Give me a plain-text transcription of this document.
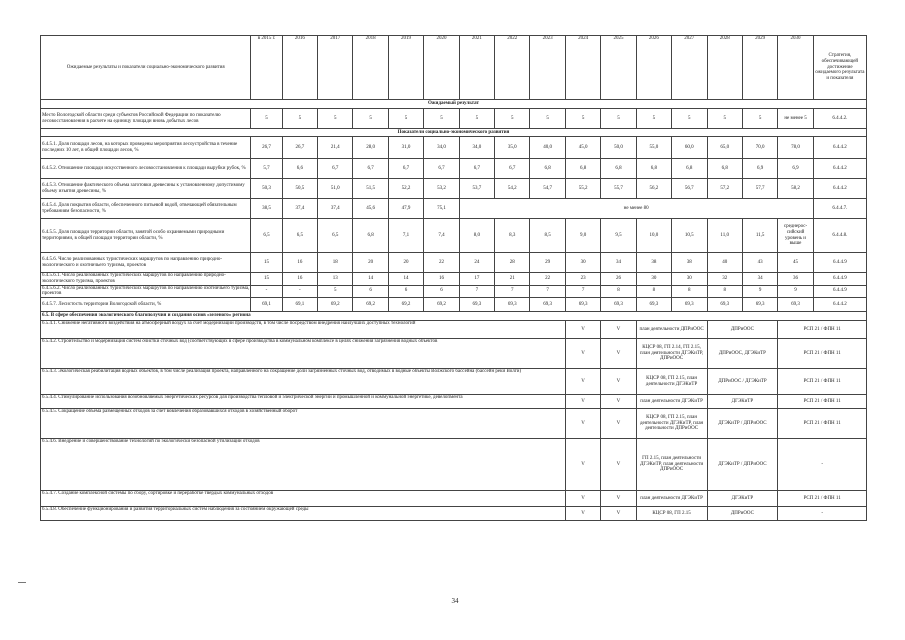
Ожидаемые результаты и показатели социально-экономического развития	в 2015 г.	2016	2017	2018	2019	2020	2021	2022	2023	2024	2025	2026	2027	2028	2029	2030	Стратегия, обеспечивающей достижение ожидаемого результата и показателя
Ожидаемый результат																	
Место Вологодской области среди субъектов Российской Федерации по показателю лесовосстановления в расчете на единицу площади вновь добытых лесов	5	5	5	5	5	5	5	5	5	5	5	5	5	5	5	не менее 5	6.4.4.2.
Показатели социально-экономического развития																	
6.4.5.1. Доля площади лесов, на которых проведены мероприятия лесоустройства в течение последних 10 лет, в общей площади лесов, %	26,7	26,7	21,4	28,0	31,0	34,0	34,0	35,0	40,0	45,0	50,0	55,0	60,0	65,0	70,0	78,0	6.4.4.2
6.4.5.2. Отношение площади искусственного лесовосстановления к площади вырубки рубок, %	5,7	6,6	6,7	6,7	6,7	6,7	6,7	6,7	6,8	6,8	6,8	6,8	6,8	6,8	6,9	6,9	6.4.4.2
6.4.5.3. Отношение фактического объема заготовки древесины к установленному допустимому объему изъятия древесины, %	50,3	50,5	51,0	51,5	52,2	53,2	53,7	54,2	54,7	55,2	55,7	56,2	56,7	57,2	57,7	58,2	6.4.4.2
6.4.5.4. Доля покрытия области, обеспеченного питьевой водой, отвечающей обязательным требованиям безопасности, %	38,5	37,4	37,4	45,6	47,9	75,1	не менее 80										6.4.4.7.
6.4.5.5. Доля площади территории области, занятой особо охраняемыми природными территориями, в общей площади территории области, %	6,5	6,5	6,5	6,8	7,1	7,4	8,0	8,3	8,5	9,0	9,5	10,0	10,5	11,0	11,5	среднерос-сийский уровень и выше	6.4.4.8.
6.4.5.6. Число реализованных туристических маршрутов по направлению природно-экологического и охотничьего туризма, проектов	15	16	18	20	20	22	24	28	29	30	34	38	38	40	43	45	6.4.4.9
6.4.5.6.1. Число реализованных туристических маршрутов по направлению природно-экологического туризма, проектов	15	16	13	14	14	16	17	21	22	23	26	30	30	32	34	36	6.4.4.9
6.4.5.6.2. Число реализованных туристических маршрутов по направлению охотничьего туризма, проектов	-	-	5	6	6	6	7	7	7	7	8	8	8	8	9	9	6.4.4.9
6.4.5.7. Лесистость территории Вологодской области, %	69,1	69,1	69,2	69,2	69,2	69,2	69,3	69,3	69,3	69,3	69,3	69,3	69,3	69,3	69,3	69,3	6.4.4.2
6.5. В сфере обеспечения экологического благополучия и создания основ «зеленого» региона																	
6.5.4.1. Снижение негативного воздействия на атмосферный воздух за счет модернизации производств, в том числе посредством внедрения наилучших доступных технологий										V	V	план деятельности ДПРиООС		ДПРиООС		РСП 21 / ФПН 11	
6.5.4.2. Строительство и модернизация систем очистки сточных вод (соответствующих в сфере производства в коммунальном комплексе в целях снижения загрязнения водных объектов										V	V	КЦСР 08, ГП 2.14, ГП 2.15, план деятельности ДГЭКиТР, ДПРиООС		ДПРиООС, ДГЭКиТР		РСП 21 / ФПН 11	
6.5.4.3. Экологическая реабилитация водных объектов, в том числе реализация проекта, направленного на сокращение доли загрязненных сточных вод, отводимых в водные объекты Волжского бассейна (бассейн реки Волги)										V	V	КЦСР 08, ГП 2.15, план деятельности ДГЭКиТР		ДПРиООС / ДГЭКиТР		РСП 21 / ФПН 11	
6.5.4.4. Стимулирование использования возобновляемых энергетических ресурсов для производства тепловой и электрической энергии и промышленной и коммунальной энергетике, девелопмента										V	V	план деятельности ДГЭКиТР		ДГЭКиТР		РСП 21 / ФПН 11	
6.5.4.5. Сокращение объема размещенных отходов за счет вовлечения образовавшихся отходов в хозяйственный оборот										V	V	КЦСР 08, ГП 2.15, план деятельности ДГЭКиТР, план деятельности ДПРиООС		ДГЭКиТР / ДПРиООС		РСП 21 / ФПН 11	
6.5.4.6. Внедрение и совершенствование технологий по экологически безопасной утилизации отходов										V	V	ГП 2.15, план деятельности ДГЭКиТР, план деятельности ДПРиООС		ДГЭКиТР / ДПРиООС		-	
6.5.4.7. Создание комплексной системы по сбору, сортировке и переработке твердых коммунальных отходов										V	V	план деятельности ДГЭКиТР		ДГЭКиТР		РСП 21 / ФПН 11	
6.5.4.8. Обеспечение функционирования и развития территориальных систем наблюдения за состоянием окружающей среды										V	V	КЦСР 08, ГП 2.15		ДПРиООС		-	
34
